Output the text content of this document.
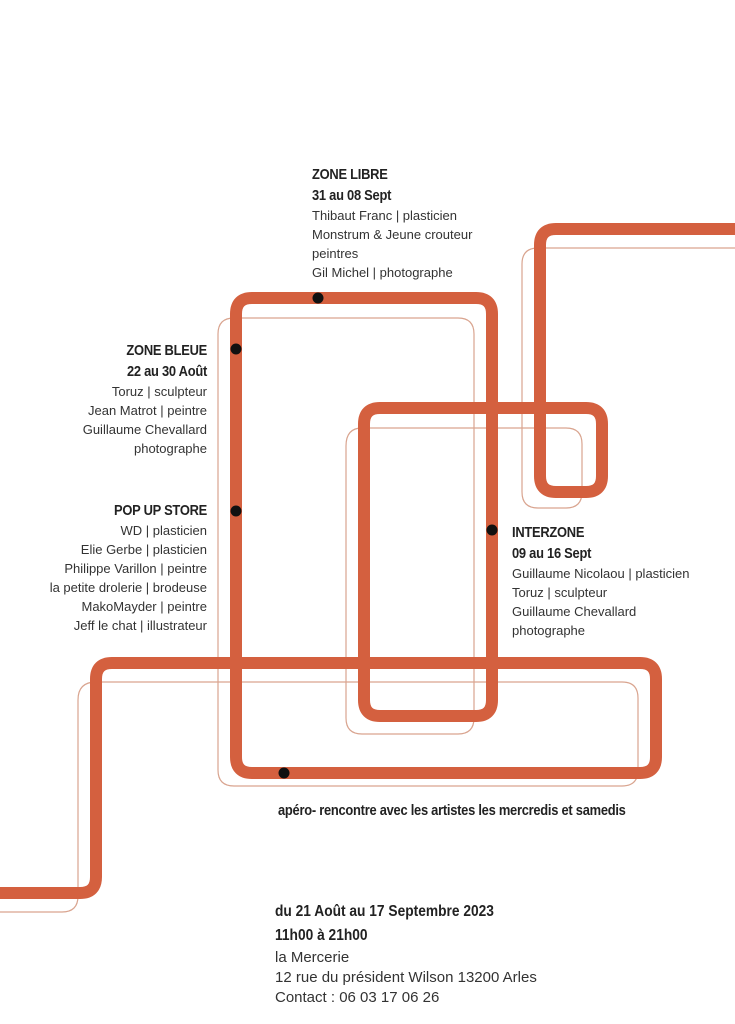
ZONE LIBRE
31 au 08 Sept
Thibaut Franc | plasticien
Monstrum & Jeune crouteur
peintres
Gil Michel | photographe
ZONE BLEUE
22 au 30 Août
Toruz | sculpteur
Jean Matrot | peintre
Guillaume Chevallard
photographe
POP UP STORE
WD | plasticien
Elie Gerbe | plasticien
Philippe Varillon | peintre
la petite drolerie | brodeuse
MakoMayder | peintre
Jeff le chat | illustrateur
INTERZONE
09 au 16 Sept
Guillaume Nicolaou | plasticien
Toruz | sculpteur
Guillaume Chevallard
photographe
apéro- rencontre avec les artistes les mercredis et samedis
du 21 Août au 17 Septembre 2023
11h00 à 21h00
la Mercerie
12 rue du président Wilson 13200 Arles
Contact : 06 03 17 06 26
